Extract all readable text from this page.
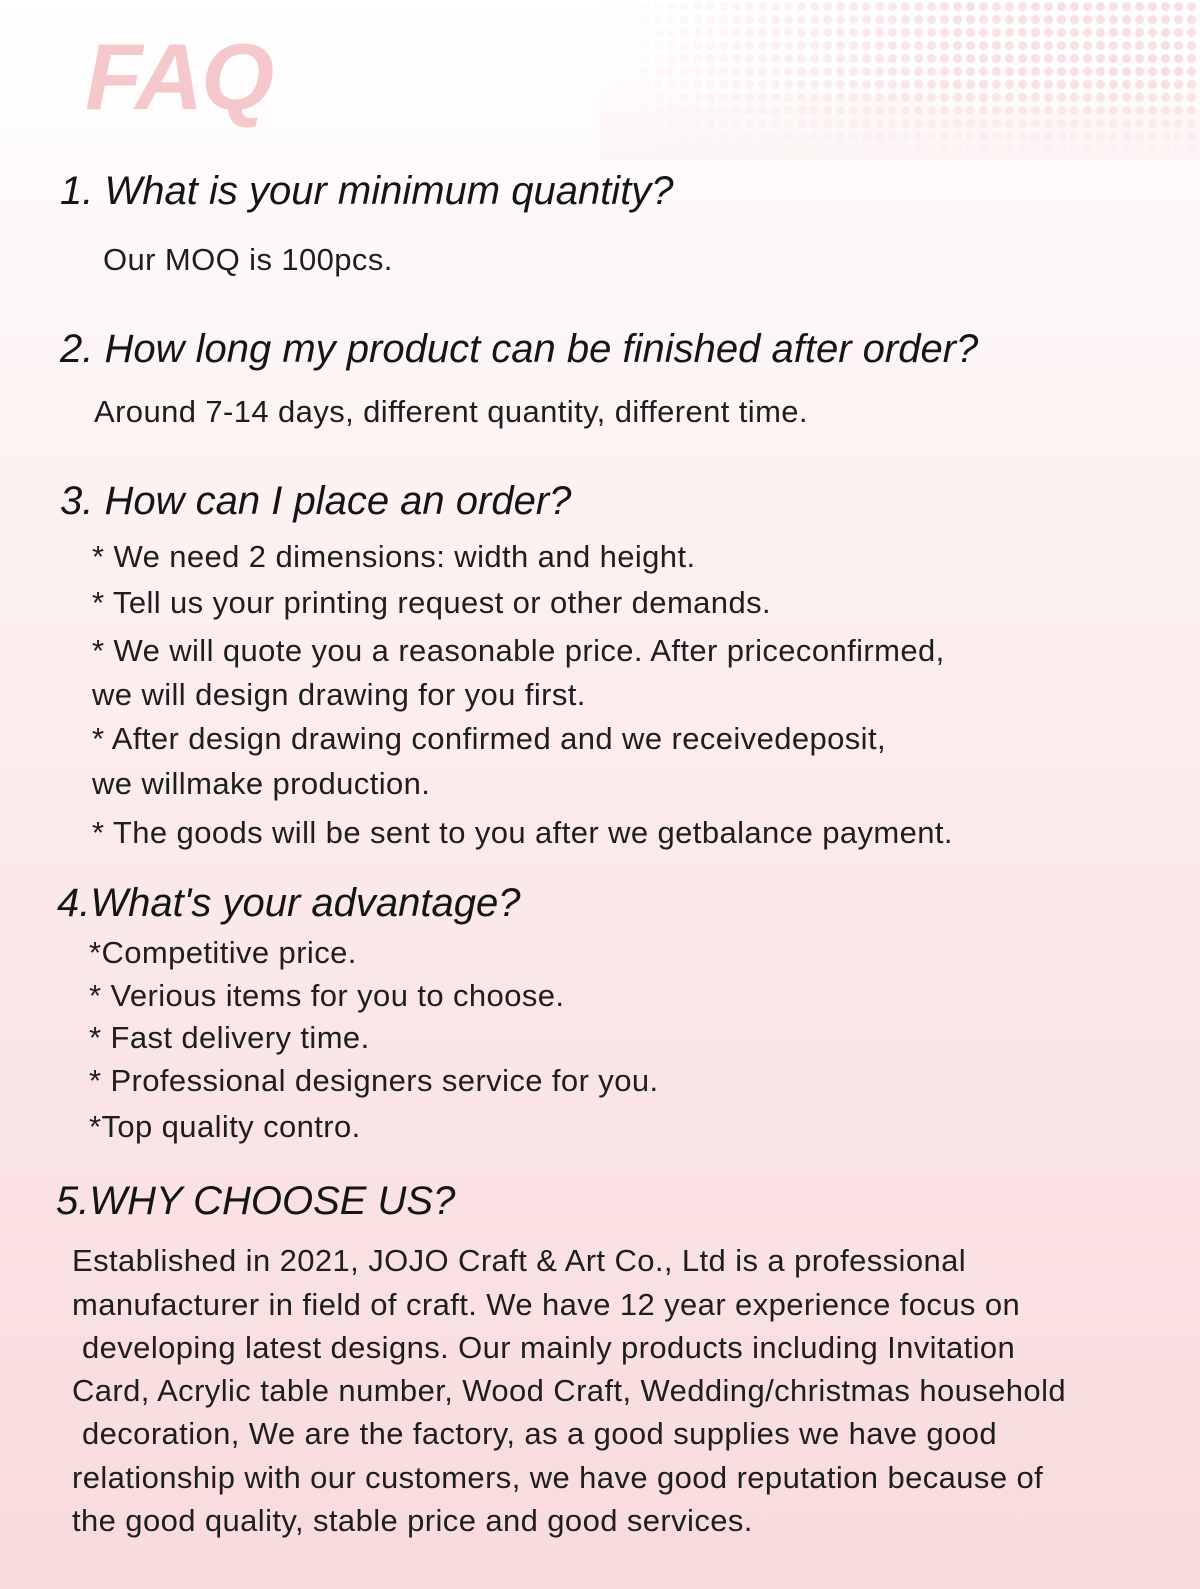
FAQ
1. What is your minimum quantity?

Our MOQ is 100pcs.

2. How long my product can be finished after order?

Around 7-14 days, different quantity, different time.

3. How can I place an order?

* We need 2 dimensions: width and height.

* Tell us your printing request or other demands.

* We will quote you a reasonable price. After priceconfirmed,

we will design drawing for you first.

* After design drawing confirmed and we receivedeposit,

we willmake production.

* The goods will be sent to you after we getbalance payment.

4.What's your advantage?

*Competitive price.

* Verious items for you to choose.

* Fast delivery time.

* Professional designers service for you.

*Top quality contro.

5.WHY CHOOSE US?

Established in 2021, JOJO Craft & Art Co., Ltd is a professional

manufacturer in field of craft. We have 12 year experience focus on

developing latest designs. Our mainly products including Invitation

Card, Acrylic table number, Wood Craft, Wedding/christmas household

decoration, We are the factory, as a good supplies we have good

relationship with our customers, we have good reputation because of

the good quality, stable price and good services.
